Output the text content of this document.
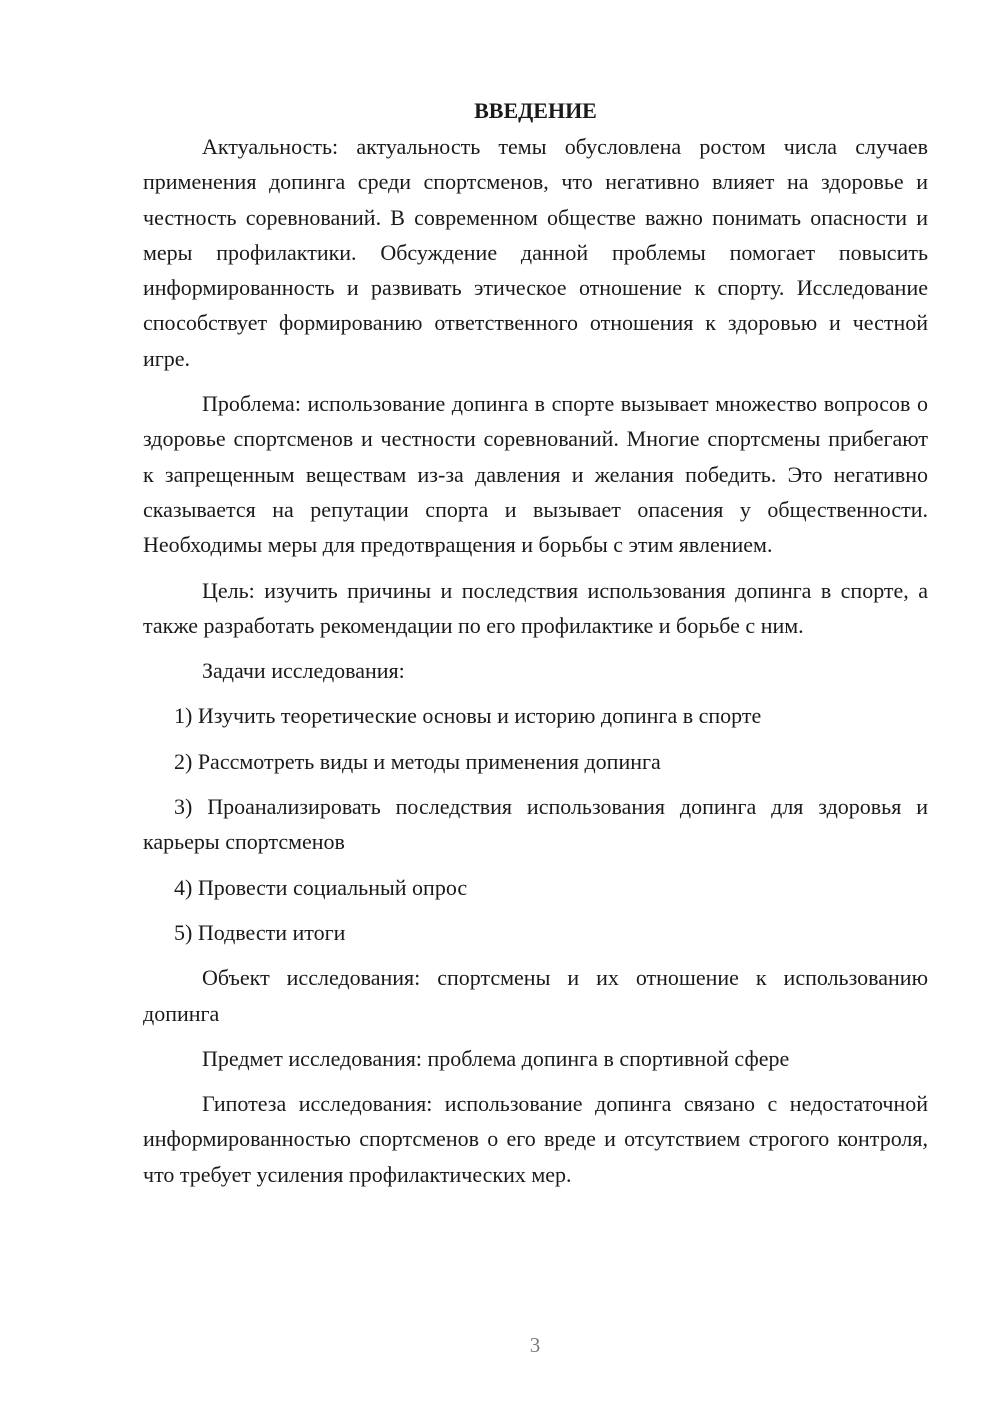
ВВЕДЕНИЕ

Актуальность: актуальность темы обусловлена ростом числа случаев применения допинга среди спортсменов, что негативно влияет на здоровье и честность соревнований. В современном обществе важно понимать опасности и меры профилактики. Обсуждение данной проблемы помогает повысить информированность и развивать этическое отношение к спорту. Исследование способствует формированию ответственного отношения к здоровью и честной игре.

Проблема: использование допинга в спорте вызывает множество вопросов о здоровье спортсменов и честности соревнований. Многие спортсмены прибегают к запрещенным веществам из-за давления и желания победить. Это негативно сказывается на репутации спорта и вызывает опасения у общественности. Необходимы меры для предотвращения и борьбы с этим явлением.

Цель: изучить причины и последствия использования допинга в спорте, а также разработать рекомендации по его профилактике и борьбе с ним.

Задачи исследования:

1) Изучить теоретические основы и историю допинга в спорте

2) Рассмотреть виды и методы применения допинга

3) Проанализировать последствия использования допинга для здоровья и карьеры спортсменов

4) Провести социальный опрос

5) Подвести итоги

Объект исследования: спортсмены и их отношение к использованию допинга

Предмет исследования: проблема допинга в спортивной сфере

Гипотеза исследования: использование допинга связано с недостаточной информированностью спортсменов о его вреде и отсутствием строгого контроля, что требует усиления профилактических мер.

3
